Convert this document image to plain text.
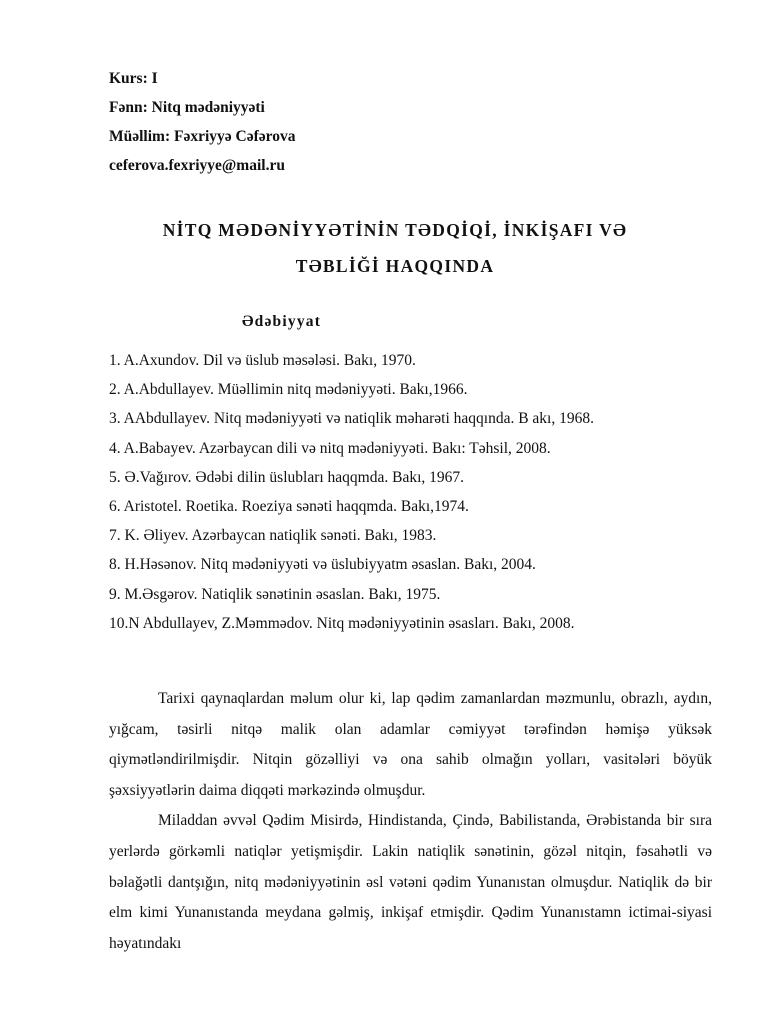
Kurs: I
Fənn: Nitq mədəniyyəti
Müəllim: Fəxriyyə Cəfərova
ceferova.fexriyye@mail.ru
NİTQ MƏDƏNİYYƏTİNİN TƏDQİQİ, İNKİŞAFI VƏ
TƏBLİĞİ HAQQINDA
Ədəbiyyat
1. A.Axundov. Dil və üslub məsələsi. Bakı, 1970.
2. A.Abdullayev. Müəllimin nitq mədəniyyəti. Bakı,1966.
3. AAbdullayev. Nitq mədəniyyəti və natiqlik məharəti haqqında. B akı, 1968.
4. A.Babayev. Azərbaycan dili və nitq mədəniyyəti. Bakı: Təhsil, 2008.
5. Ə.Vağırov. Ədəbi dilin üslubları haqqmda. Bakı, 1967.
6. Aristotel. Roetika. Roeziya sənəti haqqmda. Bakı,1974.
7. K. Əliyev. Azərbaycan natiqlik sənəti. Bakı, 1983.
8. H.Həsənov. Nitq mədəniyyəti və üslubiyyatm əsaslan. Bakı, 2004.
9. M.Əsgərov. Natiqlik sənətinin əsaslan. Bakı, 1975.
10.N Abdullayev, Z.Məmmədov. Nitq mədəniyyətinin əsasları. Bakı, 2008.

Tarixi qaynaqlardan məlum olur ki, lap qədim zamanlardan məzmunlu, obrazlı, aydın, yığcam, təsirli nitqə malik olan adamlar cəmiyyət tərəfindən həmişə yüksək qiymətləndirilmişdir. Nitqin gözəlliyi və ona sahib olmağın yolları, vasitələri böyük şəxsiyyətlərin daima diqqəti mərkəzində olmuşdur.

Miladdan əvvəl Qədim Misirdə, Hindistanda, Çində, Babilistanda, Ərəbistanda bir sıra yerlərdə görkəmli natiqlər yetişmişdir. Lakin natiqlik sənətinin, gözəl nitqin, fəsahətli və bəlağətli dantşığın, nitq mədəniyyətinin əsl vətəni qədim Yunanıstan olmuşdur. Natiqlik də bir elm kimi Yunanıstanda meydana gəlmiş, inkişaf etmişdir. Qədim Yunanıstamn ictimai-siyasi həyatındakı
